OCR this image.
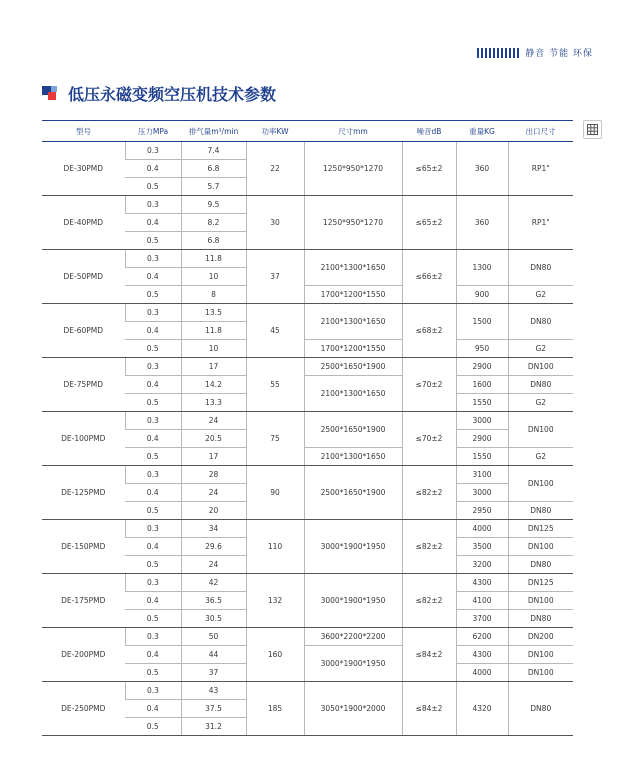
静音 节能 环保
低压永磁变频空压机技术参数
型号	压力MPa	排气量m³/min	功率KW	尺寸mm	噪音dB	重量KG	出口尺寸
DE-30PMD	0.3	7.4	22	1250*950*1270	≤65±2	360	RP1"
	0.4	6.8					
	0.5	5.7					
DE-40PMD	0.3	9.5	30	1250*950*1270	≤65±2	360	RP1"
	0.4	8.2					
	0.5	6.8					
DE-50PMD	0.3	11.8	37	2100*1300*1650	≤66±2	1300	DN80
	0.4	10					
	0.5	8		1700*1200*1550		900	G2
DE-60PMD	0.3	13.5	45	2100*1300*1650	≤68±2	1500	DN80
	0.4	11.8					
	0.5	10		1700*1200*1550		950	G2
DE-75PMD	0.3	17	55	2500*1650*1900	≤70±2	2900	DN100
	0.4	14.2		2100*1300*1650		1600	DN80
	0.5	13.3				1550	G2
DE-100PMD	0.3	24	75	2500*1650*1900	≤70±2	3000	DN100
	0.4	20.5				2900	
	0.5	17		2100*1300*1650		1550	G2
DE-125PMD	0.3	28	90	2500*1650*1900	≤82±2	3100	DN100
	0.4	24				3000	
	0.5	20				2950	DN80
DE-150PMD	0.3	34	110	3000*1900*1950	≤82±2	4000	DN125
	0.4	29.6				3500	DN100
	0.5	24				3200	DN80
DE-175PMD	0.3	42	132	3000*1900*1950	≤82±2	4300	DN125
	0.4	36.5				4100	DN100
	0.5	30.5				3700	DN80
DE-200PMD	0.3	50	160	3600*2200*2200	≤84±2	6200	DN200
	0.4	44		3000*1900*1950		4300	DN100
	0.5	37				4000	DN100
DE-250PMD	0.3	43	185	3050*1900*2000	≤84±2	4320	DN80
	0.4	37.5					
	0.5	31.2					
